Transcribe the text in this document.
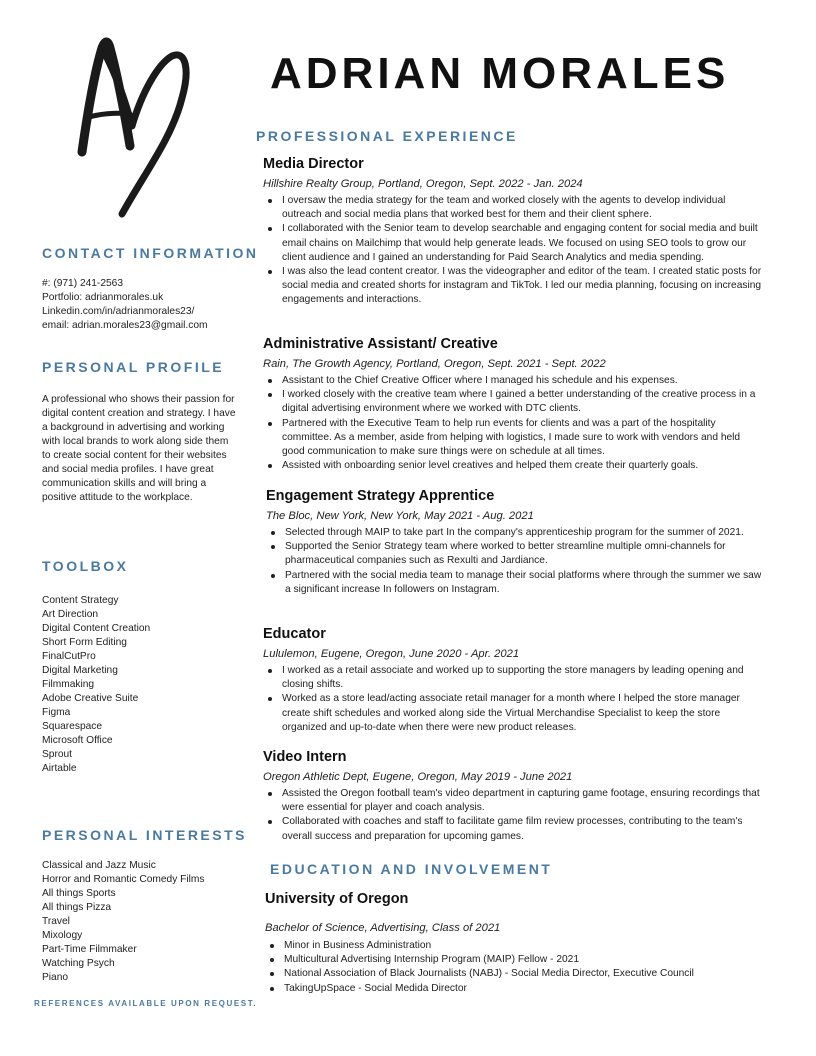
ADRIAN MORALES
CONTACT INFORMATION
#: (971) 241-2563
Portfolio: adrianmorales.uk
Linkedin.com/in/adrianmorales23/
email: adrian.morales23@gmail.com
PERSONAL PROFILE
A professional who shows their passion for digital content creation and strategy. I have a background in advertising and working with local brands to work along side them to create social content for their websites and social media profiles. I have great communication skills and will bring a positive attitude to the workplace.
TOOLBOX
Content Strategy
Art Direction
Digital Content Creation
Short Form Editing
FinalCutPro
Digital Marketing
Filmmaking
Adobe Creative Suite
Figma
Squarespace
Microsoft Office
Sprout
Airtable
PERSONAL INTERESTS
Classical and Jazz Music
Horror and Romantic Comedy Films
All things Sports
All things Pizza
Travel
Mixology
Part-Time Filmmaker
Watching Psych
Piano
REFERENCES AVAILABLE UPON REQUEST.
PROFESSIONAL EXPERIENCE
Media Director
Hillshire Realty Group, Portland, Oregon, Sept. 2022 - Jan. 2024
I oversaw the media strategy for the team and worked closely with the agents to develop individual outreach and social media plans that worked best for them and their client sphere.
I collaborated with the Senior team to develop searchable and engaging content for social media and built email chains on Mailchimp that would help generate leads. We focused on using SEO tools to grow our client audience and I gained an understanding for Paid Search Analytics and media spending.
I was also the lead content creator. I was the videographer and editor of the team. I created static posts for social media and created shorts for instagram and TikTok. I led our media planning, focusing on increasing engagements and interactions.
Administrative Assistant/ Creative
Rain, The Growth Agency, Portland, Oregon, Sept. 2021 - Sept. 2022
Assistant to the Chief Creative Officer where I managed his schedule and his expenses.
I worked closely with the creative team where I gained a better understanding of the creative process in a digital advertising environment where we worked with DTC clients.
Partnered with the Executive Team to help run events for clients and was a part of the hospitality committee. As a member, aside from helping with logistics, I made sure to work with vendors and held good communication to make sure things were on schedule at all times.
Assisted with onboarding senior level creatives and helped them create their quarterly goals.
Engagement Strategy Apprentice
The Bloc, New York, New York, May 2021 - Aug. 2021
Selected through MAIP to take part In the company's apprenticeship program for the summer of 2021.
Supported the Senior Strategy team where worked to better streamline multiple omni-channels for pharmaceutical companies such as Rexulti and Jardiance.
Partnered with the social media team to manage their social platforms where through the summer we saw a significant increase In followers on Instagram.
Educator
Lululemon, Eugene, Oregon, June 2020 - Apr. 2021
I worked as a retail associate and worked up to supporting the store managers by leading opening and closing shifts.
Worked as a store lead/acting associate retail manager for a month where I helped the store manager create shift schedules and worked along side the Virtual Merchandise Specialist to keep the store organized and up-to-date when there were new product releases.
Video Intern
Oregon Athletic Dept, Eugene, Oregon, May 2019 - June 2021
Assisted the Oregon football team's video department in capturing game footage, ensuring recordings that were essential for player and coach analysis.
Collaborated with coaches and staff to facilitate game film review processes, contributing to the team's overall success and preparation for upcoming games.
EDUCATION AND INVOLVEMENT
University of Oregon
Bachelor of Science, Advertising, Class of 2021
Minor in Business Administration
Multicultural Advertising Internship Program (MAIP) Fellow - 2021
National Association of Black Journalists (NABJ) - Social Media Director, Executive Council
TakingUpSpace - Social Medida Director
